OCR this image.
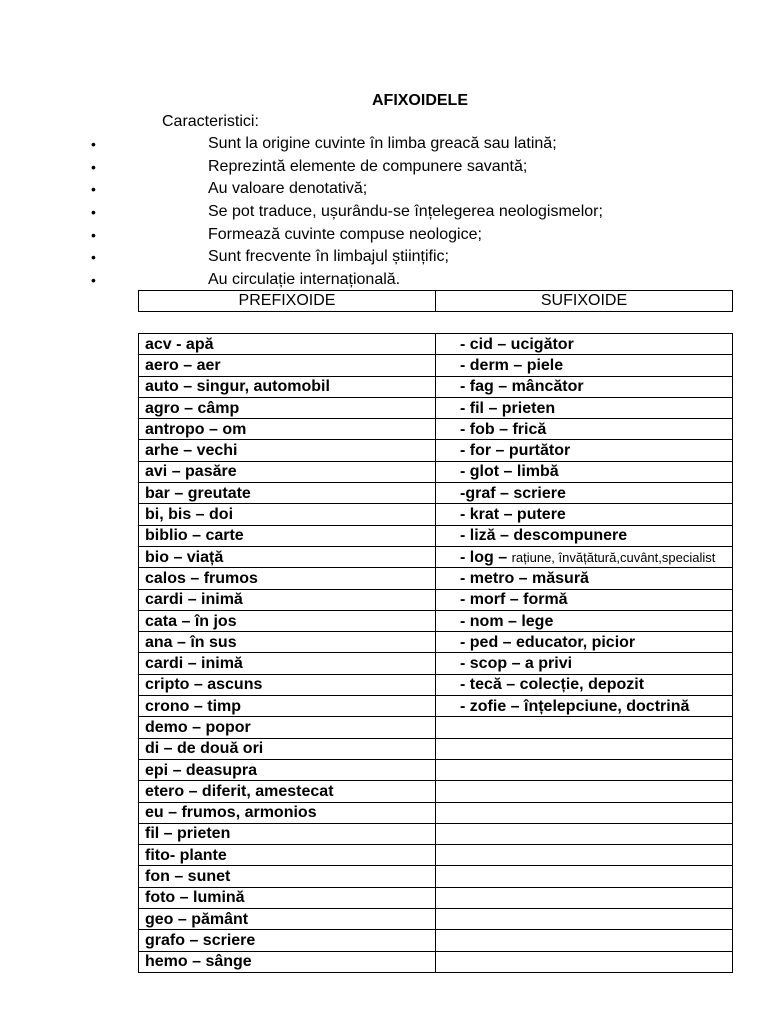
AFIXOIDELE
Caracteristici:
•	Sunt la origine cuvinte în limba greacă sau latină;
•	Reprezintă elemente de compunere savantă;
•	Au valoare denotativă;
•	Se pot traduce, ușurându-se înțelegerea neologismelor;
•	Formează cuvinte compuse neologice;
•	Sunt frecvente în limbajul științific;
•	Au circulație internațională.
PREFIXOIDE	SUFIXOIDE
acv - apă	- cid – ucigător
aero – aer	- derm – piele
auto – singur, automobil	- fag – mâncător
agro – câmp	- fil – prieten
antropo – om	- fob – frică
arhe – vechi	- for – purtător
avi – pasăre	- glot – limbă
bar – greutate	-graf – scriere
bi, bis – doi	- krat – putere
biblio – carte	- liză – descompunere
bio – viață	- log – rațiune, învățătură,cuvânt,specialist
calos – frumos	- metro – măsură
cardi – inimă	- morf – formă
cata – în jos	- nom – lege
ana – în sus	- ped – educator, picior
cardi – inimă	- scop – a privi
cripto – ascuns	- tecă – colecție, depozit
crono – timp	- zofie – înțelepciune, doctrină
demo – popor	
di – de două ori	
epi – deasupra	
etero – diferit, amestecat	
eu – frumos, armonios	
fil – prieten	
fito- plante	
fon – sunet	
foto – lumină	
geo – pământ	
grafo – scriere	
hemo – sânge	
